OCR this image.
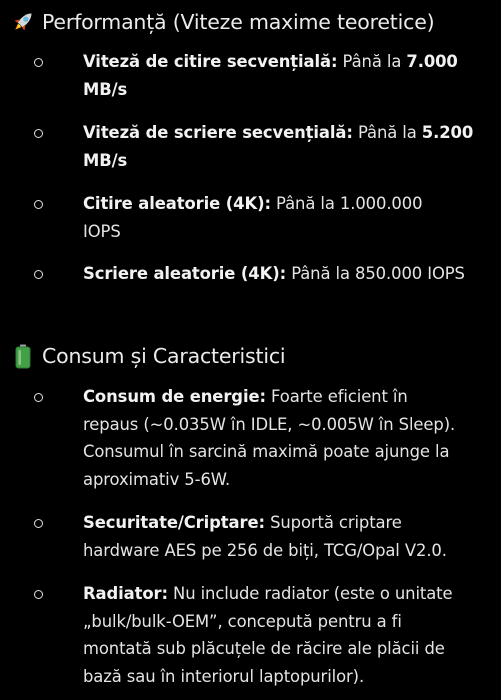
Performanță (Viteze maxime teoretice)
Viteză de citire secvențială: Până la 7.000
MB/s
Viteză de scriere secvențială: Până la 5.200
MB/s
Citire aleatorie (4K): Până la 1.000.000
IOPS
Scriere aleatorie (4K): Până la 850.000 IOPS
Consum și Caracteristici
Consum de energie: Foarte eficient în
repaus (~0.035W în IDLE, ~0.005W în Sleep).
Consumul în sarcină maximă poate ajunge la
aproximativ 5-6W.
Securitate/Criptare: Suportă criptare
hardware AES pe 256 de biți, TCG/Opal V2.0.
Radiator: Nu include radiator (este o unitate
„bulk/bulk-OEM”, concepută pentru a fi
montată sub plăcuțele de răcire ale plăcii de
bază sau în interiorul laptopurilor).
